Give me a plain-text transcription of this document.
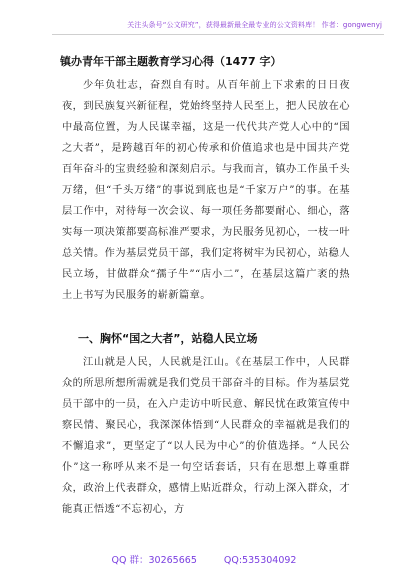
关注头条号“公文研究”，获得最新最全最专业的公文资料库！ 作者：gongwenyj
镇办青年干部主题教育学习心得（1477 字）
少年负壮志，奋烈自有时。从百年前上下求索的日日夜夜，到民族复兴新征程，党始终坚持人民至上，把人民放在心中最高位置，为人民谋幸福，这是一代代共产党人心中的“国之大者”，是跨越百年的初心传承和价值追求也是中国共产党百年奋斗的宝贵经验和深刻启示。与我而言，镇办工作虽千头万绪，但“千头万绪”的事说到底也是“千家万户”的事。在基层工作中，对待每一次会议、每一项任务都要耐心、细心，落实每一项决策都要高标准严要求，为民服务见初心，一枝一叶总关情。作为基层党员干部，我们定将树牢为民初心，站稳人民立场，甘做群众“孺子牛”“店小二”，在基层这篇广袤的热土上书写为民服务的崭新篇章。
一、胸怀“国之大者”，站稳人民立场
江山就是人民，人民就是江山。《在基层工作中，人民群众的所思所想所需就是我们党员干部奋斗的目标。作为基层党员干部中的一员，在入户走访中听民意、解民忧在政策宣传中察民情、聚民心，我深深体悟到“人民群众的幸福就是我们的不懈追求”，更坚定了“以人民为中心”的价值选择。“人民公仆”这一称呼从来不是一句空话套话，只有在思想上尊重群众，政治上代表群众，感情上贴近群众，行动上深入群众，才能真正悟透“不忘初心，方
QQ 群：30265665	QQ:535304092
